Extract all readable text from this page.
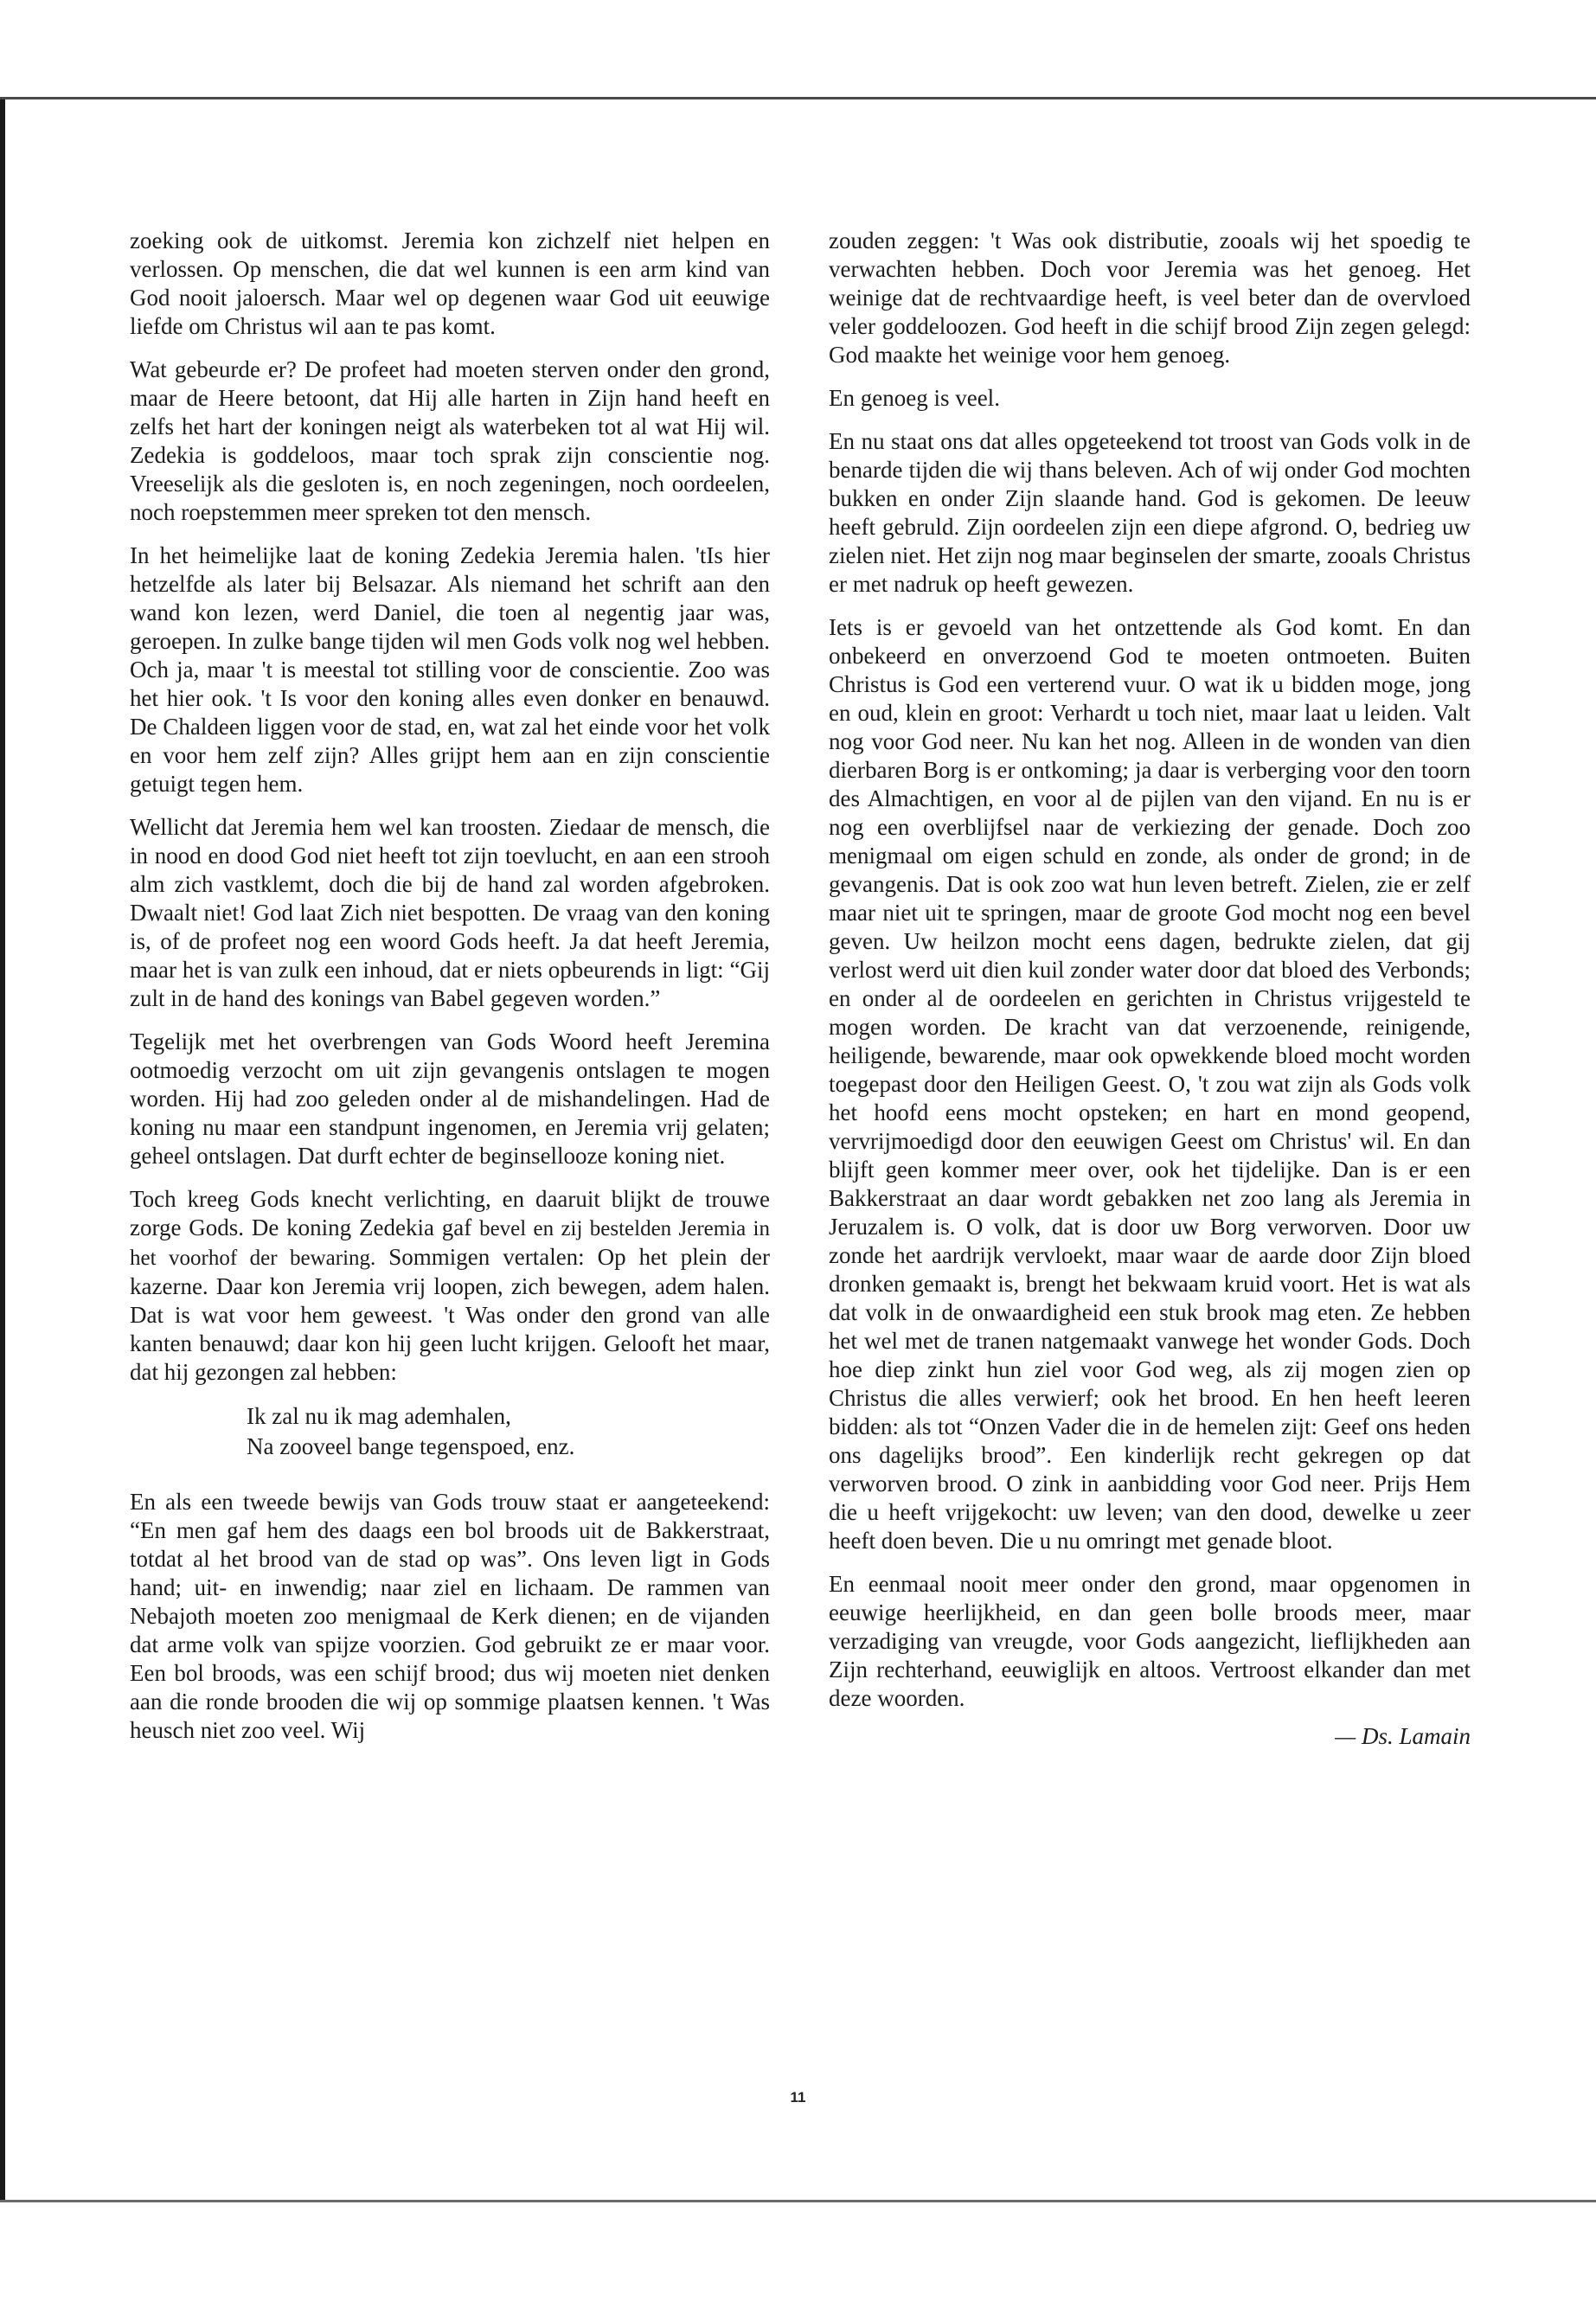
zoeking ook de uitkomst. Jeremia kon zichzelf niet helpen en verlossen. Op menschen, die dat wel kunnen is een arm kind van God nooit jaloersch. Maar wel op degenen waar God uit eeuwige liefde om Christus wil aan te pas komt.

Wat gebeurde er? De profeet had moeten sterven onder den grond, maar de Heere betoont, dat Hij alle harten in Zijn hand heeft en zelfs het hart der koningen neigt als waterbeken tot al wat Hij wil. Zedekia is goddeloos, maar toch sprak zijn conscientie nog. Vreeselijk als die gesloten is, en noch zegeningen, noch oordeelen, noch roepstemmen meer spreken tot den mensch.

In het heimelijke laat de koning Zedekia Jeremia halen. 'tIs hier hetzelfde als later bij Belsazar. Als niemand het schrift aan den wand kon lezen, werd Daniel, die toen al negentig jaar was, geroepen. In zulke bange tijden wil men Gods volk nog wel hebben. Och ja, maar 't is meestal tot stilling voor de conscientie. Zoo was het hier ook. 't Is voor den koning alles even donker en benauwd. De Chaldeen liggen voor de stad, en, wat zal het einde voor het volk en voor hem zelf zijn? Alles grijpt hem aan en zijn conscientie getuigt tegen hem.

Wellicht dat Jeremia hem wel kan troosten. Ziedaar de mensch, die in nood en dood God niet heeft tot zijn toevlucht, en aan een strooh alm zich vastklemt, doch die bij de hand zal worden afgebroken. Dwaalt niet! God laat Zich niet bespotten. De vraag van den koning is, of de profeet nog een woord Gods heeft. Ja dat heeft Jeremia, maar het is van zulk een inhoud, dat er niets opbeurends in ligt: “Gij zult in de hand des konings van Babel gegeven worden.”

Tegelijk met het overbrengen van Gods Woord heeft Jeremina ootmoedig verzocht om uit zijn gevangenis ontslagen te mogen worden. Hij had zoo geleden onder al de mishandelingen. Had de koning nu maar een standpunt ingenomen, en Jeremia vrij gelaten; geheel ontslagen. Dat durft echter de beginsellooze koning niet.

Toch kreeg Gods knecht verlichting, en daaruit blijkt de trouwe zorge Gods. De koning Zedekia gaf bevel en zij bestelden Jeremia in het voorhof der bewaring. Sommigen vertalen: Op het plein der kazerne. Daar kon Jeremia vrij loopen, zich bewegen, adem halen. Dat is wat voor hem geweest. 't Was onder den grond van alle kanten benauwd; daar kon hij geen lucht krijgen. Gelooft het maar, dat hij gezongen zal hebben:

Ik zal nu ik mag ademhalen,
Na zooveel bange tegenspoed, enz.

En als een tweede bewijs van Gods trouw staat er aangeteekend: “En men gaf hem des daags een bol broods uit de Bakkerstraat, totdat al het brood van de stad op was”. Ons leven ligt in Gods hand; uit- en inwendig; naar ziel en lichaam. De rammen van Nebajoth moeten zoo menigmaal de Kerk dienen; en de vijanden dat arme volk van spijze voorzien. God gebruikt ze er maar voor. Een bol broods, was een schijf brood; dus wij moeten niet denken aan die ronde brooden die wij op sommige plaatsen kennen. 't Was heusch niet zoo veel. Wij

zouden zeggen: 't Was ook distributie, zooals wij het spoedig te verwachten hebben. Doch voor Jeremia was het genoeg. Het weinige dat de rechtvaardige heeft, is veel beter dan de overvloed veler goddeloozen. God heeft in die schijf brood Zijn zegen gelegd: God maakte het weinige voor hem genoeg.

En genoeg is veel.

En nu staat ons dat alles opgeteekend tot troost van Gods volk in de benarde tijden die wij thans beleven. Ach of wij onder God mochten bukken en onder Zijn slaande hand. God is gekomen. De leeuw heeft gebruld. Zijn oordeelen zijn een diepe afgrond. O, bedrieg uw zielen niet. Het zijn nog maar beginselen der smarte, zooals Christus er met nadruk op heeft gewezen.

Iets is er gevoeld van het ontzettende als God komt. En dan onbekeerd en onverzoend God te moeten ontmoeten. Buiten Christus is God een verterend vuur. O wat ik u bidden moge, jong en oud, klein en groot: Verhardt u toch niet, maar laat u leiden. Valt nog voor God neer. Nu kan het nog. Alleen in de wonden van dien dierbaren Borg is er ontkoming; ja daar is verberging voor den toorn des Almachtigen, en voor al de pijlen van den vijand. En nu is er nog een overblijfsel naar de verkiezing der genade. Doch zoo menigmaal om eigen schuld en zonde, als onder de grond; in de gevangenis. Dat is ook zoo wat hun leven betreft. Zielen, zie er zelf maar niet uit te springen, maar de groote God mocht nog een bevel geven. Uw heilzon mocht eens dagen, bedrukte zielen, dat gij verlost werd uit dien kuil zonder water door dat bloed des Verbonds; en onder al de oordeelen en gerichten in Christus vrijgesteld te mogen worden. De kracht van dat verzoenende, reinigende, heiligende, bewarende, maar ook opwekkende bloed mocht worden toegepast door den Heiligen Geest. O, 't zou wat zijn als Gods volk het hoofd eens mocht opsteken; en hart en mond geopend, vervrijmoedigd door den eeuwigen Geest om Christus' wil. En dan blijft geen kommer meer over, ook het tijdelijke. Dan is er een Bakkerstraat an daar wordt gebakken net zoo lang als Jeremia in Jeruzalem is. O volk, dat is door uw Borg verworven. Door uw zonde het aardrijk vervloekt, maar waar de aarde door Zijn bloed dronken gemaakt is, brengt het bekwaam kruid voort. Het is wat als dat volk in de onwaardigheid een stuk brook mag eten. Ze hebben het wel met de tranen natgemaakt vanwege het wonder Gods. Doch hoe diep zinkt hun ziel voor God weg, als zij mogen zien op Christus die alles verwierf; ook het brood. En hen heeft leeren bidden: als tot “Onzen Vader die in de hemelen zijt: Geef ons heden ons dagelijks brood”. Een kinderlijk recht gekregen op dat verworven brood. O zink in aanbidding voor God neer. Prijs Hem die u heeft vrijgekocht: uw leven; van den dood, dewelke u zeer heeft doen beven. Die u nu omringt met genade bloot.

En eenmaal nooit meer onder den grond, maar opgenomen in eeuwige heerlijkheid, en dan geen bolle broods meer, maar verzadiging van vreugde, voor Gods aangezicht, lieflijkheden aan Zijn rechterhand, eeuwiglijk en altoos. Vertroost elkander dan met deze woorden.

— Ds. Lamain
11
